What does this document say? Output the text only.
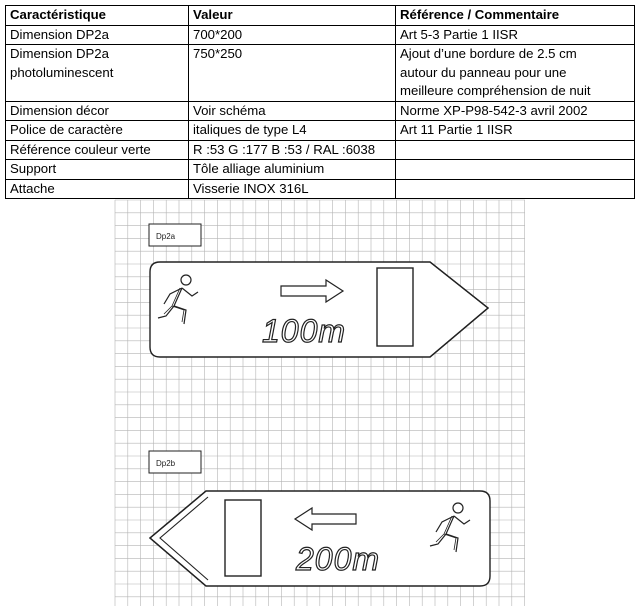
Caractéristique	Valeur	Référence / Commentaire

Dimension DP2a	700*200	Art 5-3 Partie 1 IISR

Dimension DP2a
photoluminescent	750*250	Ajout d’une bordure de 2.5 cm
autour du panneau pour une
meilleure compréhension de nuit

Dimension décor	Voir schéma	Norme XP-P98-542-3 avril 2002

Police de caractère	italiques de type L4	Art 11 Partie 1 IISR

Référence couleur verte	R :53 G :177 B :53 / RAL :6038	

Support	Tôle alliage aluminium	

Attache	Visserie INOX 316L	

Dp2a
100m
Dp2b
200m
